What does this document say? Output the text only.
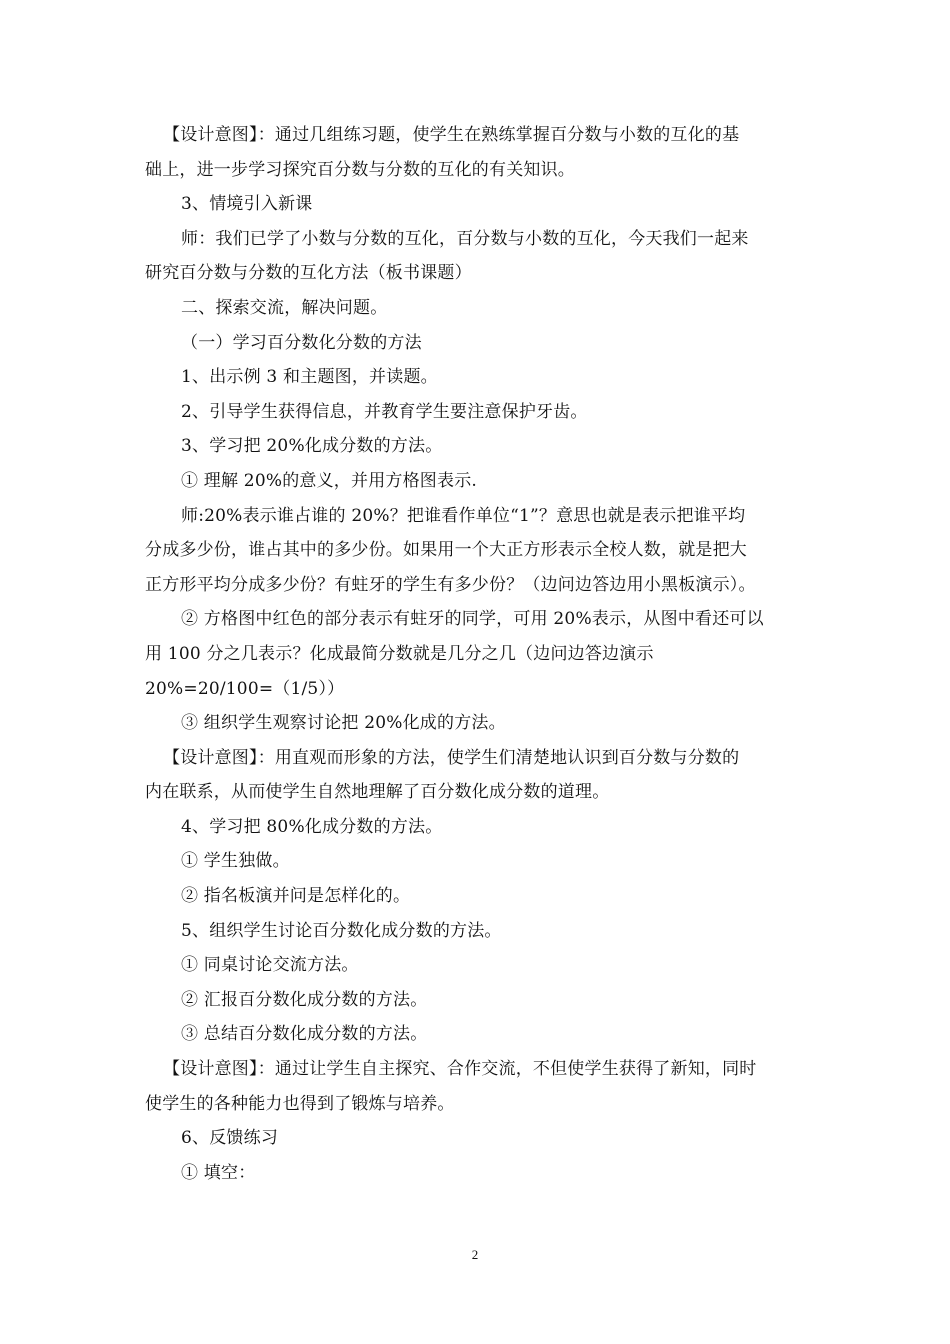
【设计意图】：通过几组练习题，使学生在熟练掌握百分数与小数的互化的基
础上，进一步学习探究百分数与分数的互化的有关知识。
3、情境引入新课
师：我们已学了小数与分数的互化，百分数与小数的互化，今天我们一起来
研究百分数与分数的互化方法（板书课题）
二、探索交流，解决问题。
（一）学习百分数化分数的方法
1、出示例 3 和主题图，并读题。
2、引导学生获得信息，并教育学生要注意保护牙齿。
3、学习把 20%化成分数的方法。
① 理解 20%的意义，并用方格图表示.
师:20%表示谁占谁的 20%？把谁看作单位“1”？意思也就是表示把谁平均
分成多少份，谁占其中的多少份。如果用一个大正方形表示全校人数，就是把大
正方形平均分成多少份？有蛀牙的学生有多少份？（边问边答边用小黑板演示）。
② 方格图中红色的部分表示有蛀牙的同学，可用 20%表示，从图中看还可以
用 100 分之几表示？化成最简分数就是几分之几（边问边答边演示
20%=20/100=（1/5））
③ 组织学生观察讨论把 20%化成的方法。
【设计意图】：用直观而形象的方法，使学生们清楚地认识到百分数与分数的
内在联系，从而使学生自然地理解了百分数化成分数的道理。
4、学习把 80%化成分数的方法。
① 学生独做。
② 指名板演并问是怎样化的。
5、组织学生讨论百分数化成分数的方法。
① 同桌讨论交流方法。
② 汇报百分数化成分数的方法。
③ 总结百分数化成分数的方法。
【设计意图】：通过让学生自主探究、合作交流，不但使学生获得了新知，同时
使学生的各种能力也得到了锻炼与培养。
6、反馈练习
① 填空：
2
